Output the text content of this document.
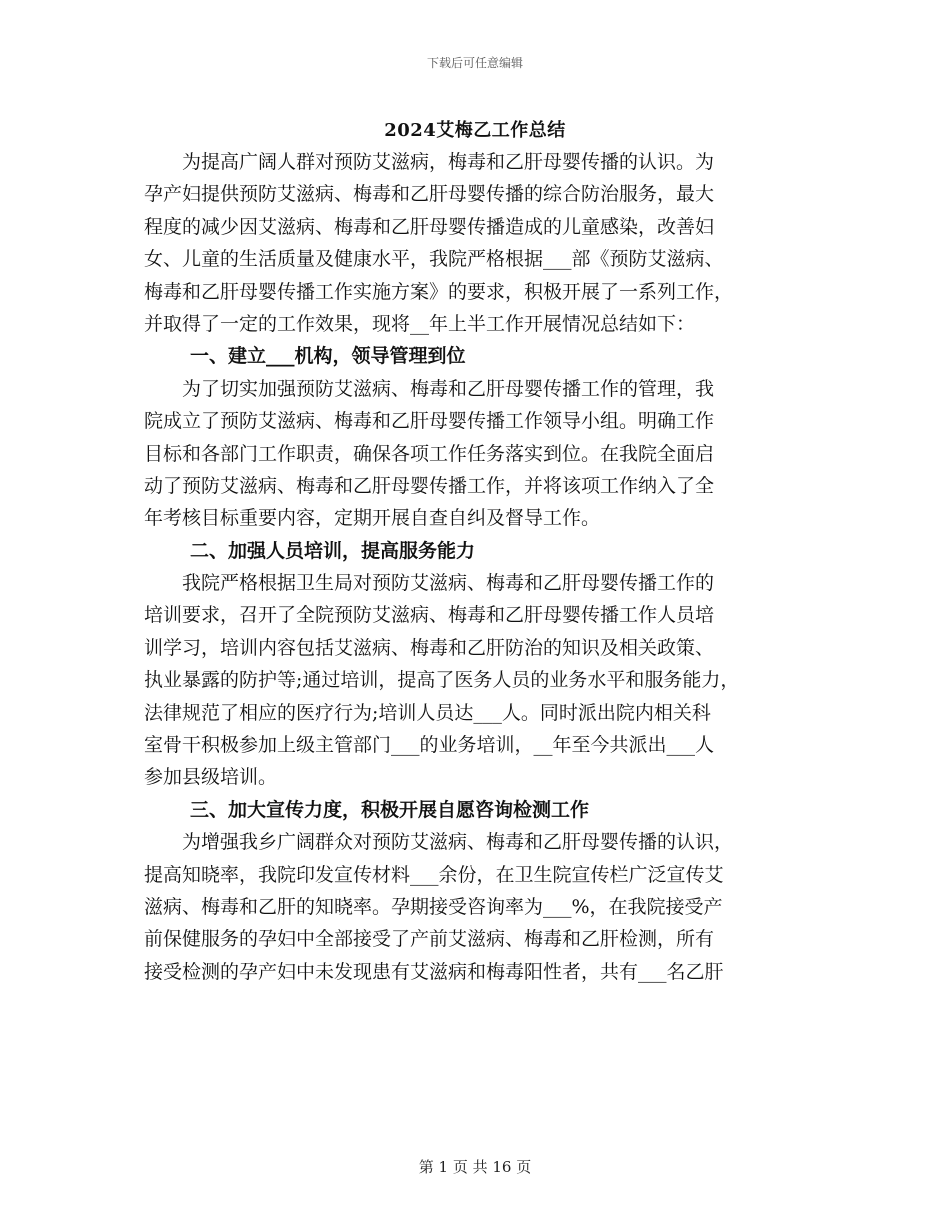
下载后可任意编辑
2024艾梅乙工作总结
为提高广阔人群对预防艾滋病，梅毒和乙肝母婴传播的认识。为
孕产妇提供预防艾滋病、梅毒和乙肝母婴传播的综合防治服务，最大
程度的减少因艾滋病、梅毒和乙肝母婴传播造成的儿童感染，改善妇
女、儿童的生活质量及健康水平，我院严格根据___部《预防艾滋病、
梅毒和乙肝母婴传播工作实施方案》的要求，积极开展了一系列工作，
并取得了一定的工作效果，现将__年上半工作开展情况总结如下：
一、建立___机构，领导管理到位
为了切实加强预防艾滋病、梅毒和乙肝母婴传播工作的管理，我
院成立了预防艾滋病、梅毒和乙肝母婴传播工作领导小组。明确工作
目标和各部门工作职责，确保各项工作任务落实到位。在我院全面启
动了预防艾滋病、梅毒和乙肝母婴传播工作，并将该项工作纳入了全
年考核目标重要内容，定期开展自查自纠及督导工作。
二、加强人员培训，提高服务能力
我院严格根据卫生局对预防艾滋病、梅毒和乙肝母婴传播工作的
培训要求，召开了全院预防艾滋病、梅毒和乙肝母婴传播工作人员培
训学习，培训内容包括艾滋病、梅毒和乙肝防治的知识及相关政策、
执业暴露的防护等;通过培训，提高了医务人员的业务水平和服务能力，
法律规范了相应的医疗行为;培训人员达___人。同时派出院内相关科
室骨干积极参加上级主管部门___的业务培训，__年至今共派出___人
参加县级培训。
三、加大宣传力度，积极开展自愿咨询检测工作
为增强我乡广阔群众对预防艾滋病、梅毒和乙肝母婴传播的认识，
提高知晓率，我院印发宣传材料___余份，在卫生院宣传栏广泛宣传艾
滋病、梅毒和乙肝的知晓率。孕期接受咨询率为___%，在我院接受产
前保健服务的孕妇中全部接受了产前艾滋病、梅毒和乙肝检测，所有
接受检测的孕产妇中未发现患有艾滋病和梅毒阳性者，共有___名乙肝
第 1 页 共 16 页
